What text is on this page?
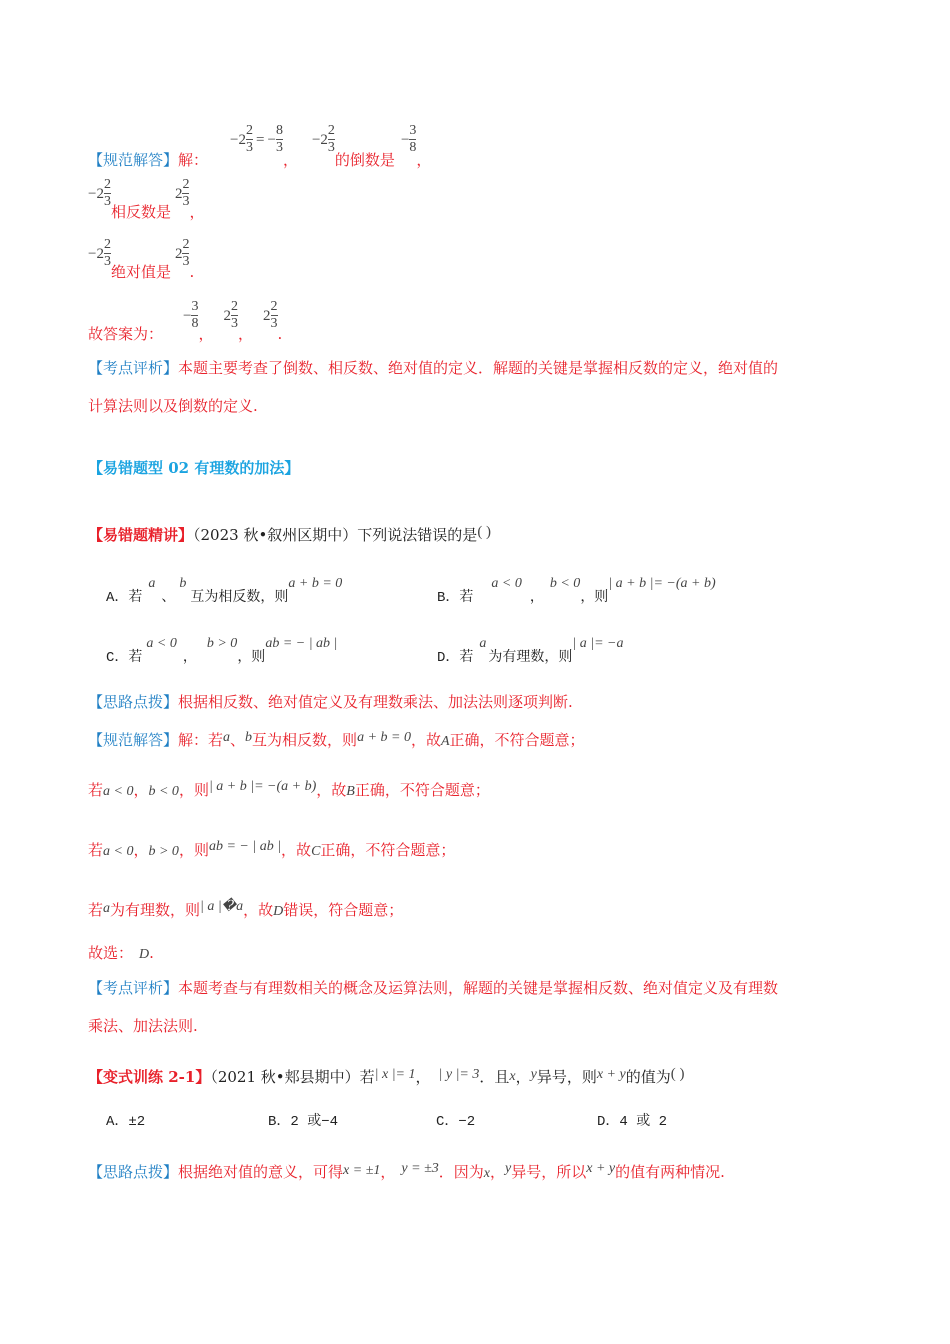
【规范解答】 解：
$-2 \frac{2}{3}$ = − $\frac{8}{3}$
，
$-2 \frac{2}{3}$
的倒数是
− $\frac{3}{8}$
，
$-2 \frac{2}{3}$
相反数是
$2 \frac{2}{3}$
，
$-2 \frac{2}{3}$
绝对值是
$2 \frac{2}{3}$
.
故答案为：
− $\frac{3}{8}$
，
$2 \frac{2}{3}$
，
$2 \frac{2}{3}$
.
【考点评析】本题主要考查了倒数、相反数、绝对值的定义．解题的关键是掌握相反数的定义，绝对值的
计算法则以及倒数的定义.
【易错题型 02 有理数的加法】
【易错题精讲】（2023 秋•叙州区期中）下列说法错误的是( )
A．若a、b互为相反数，则a + b = 0
B．若a < 0，b < 0，则| a + b |= −(a + b)
C．若a < 0，b > 0，则ab = − | ab |
D．若a为有理数，则| a |= −a
【思路点拨】根据相反数、绝对值定义及有理数乘法、加法法则逐项判断.
【规范解答】解：若a、b互为相反数，则a + b = 0，故A正确，不符合题意；
若a < 0，b < 0，则| a + b |= −(a + b)，故B正确，不符合题意；
若a < 0，b > 0，则ab = − | ab |，故C正确，不符合题意；
若a为有理数，则| a |�a，故D错误，符合题意；
故选： D.
【考点评析】本题考查与有理数相关的概念及运算法则，解题的关键是掌握相反数、绝对值定义及有理数
乘法、加法法则.
【变式训练 2-1】（2021 秋•郏县期中）若| x |= 1， | y |= 3．且x，y异号，则x + y的值为( )
A．±2	B．2 或−4	C．−2	D．4 或 2
【思路点拨】根据绝对值的意义，可得x = ±1， y = ±3．因为x，y异号，所以x + y的值有两种情况.
